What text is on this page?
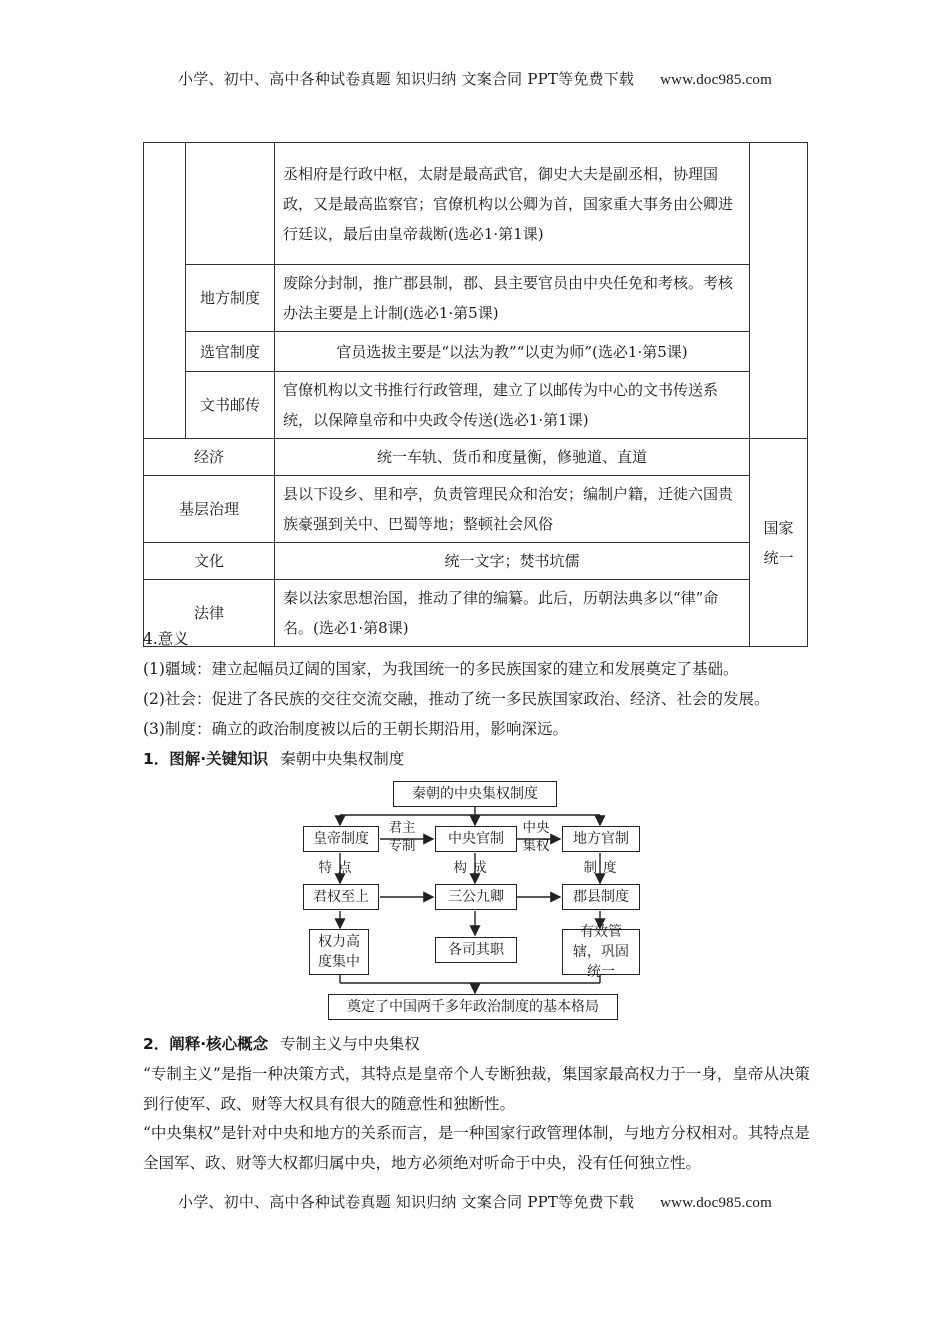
小学、初中、高中各种试卷真题 知识归纳 文案合同 PPT等免费下载 www.doc985.com
		丞相府是行政中枢，太尉是最高武官，御史大夫是副丞相，协理国政，又是最高监察官；官僚机构以公卿为首，国家重大事务由公卿进行廷议，最后由皇帝裁断(选必1·第1课)	
	地方制度	废除分封制，推广郡县制，郡、县主要官员由中央任免和考核。考核办法主要是上计制(选必1·第5课)	
	选官制度	官员选拔主要是“以法为教”“以吏为师”(选必1·第5课)	
	文书邮传	官僚机构以文书推行行政管理，建立了以邮传为中心的文书传送系统，以保障皇帝和中央政令传送(选必1·第1课)	
经济		统一车轨、货币和度量衡，修驰道、直道	国家统一
基层治理		县以下设乡、里和亭，负责管理民众和治安；编制户籍，迁徙六国贵族豪强到关中、巴蜀等地；整顿社会风俗	
文化		统一文字；焚书坑儒	
法律		秦以法家思想治国，推动了律的编纂。此后，历朝法典多以“律”命名。(选必1·第8课)	
4.意义
(1)疆域：建立起幅员辽阔的国家，为我国统一的多民族国家的建立和发展奠定了基础。
(2)社会：促进了各民族的交往交流交融，推动了统一多民族国家政治、经济、社会的发展。
(3)制度：确立的政治制度被以后的王朝长期沿用，影响深远。
1．图解·关键知识 秦朝中央集权制度
秦朝的中央集权制度
皇帝制度	中央官制	地方官制
君主专制
中央集权
特点	构成	制度
君权至上	三公九卿	郡县制度
权力高度集中
各司其职
有效管辖，巩固统一
奠定了中国两千多年政治制度的基本格局
2．阐释·核心概念 专制主义与中央集权
“专制主义”是指一种决策方式，其特点是皇帝个人专断独裁，集国家最高权力于一身，皇帝从决策到行使军、政、财等大权具有很大的随意性和独断性。
“中央集权”是针对中央和地方的关系而言，是一种国家行政管理体制，与地方分权相对。其特点是全国军、政、财等大权都归属中央，地方必须绝对听命于中央，没有任何独立性。
小学、初中、高中各种试卷真题 知识归纳 文案合同 PPT等免费下载 www.doc985.com
